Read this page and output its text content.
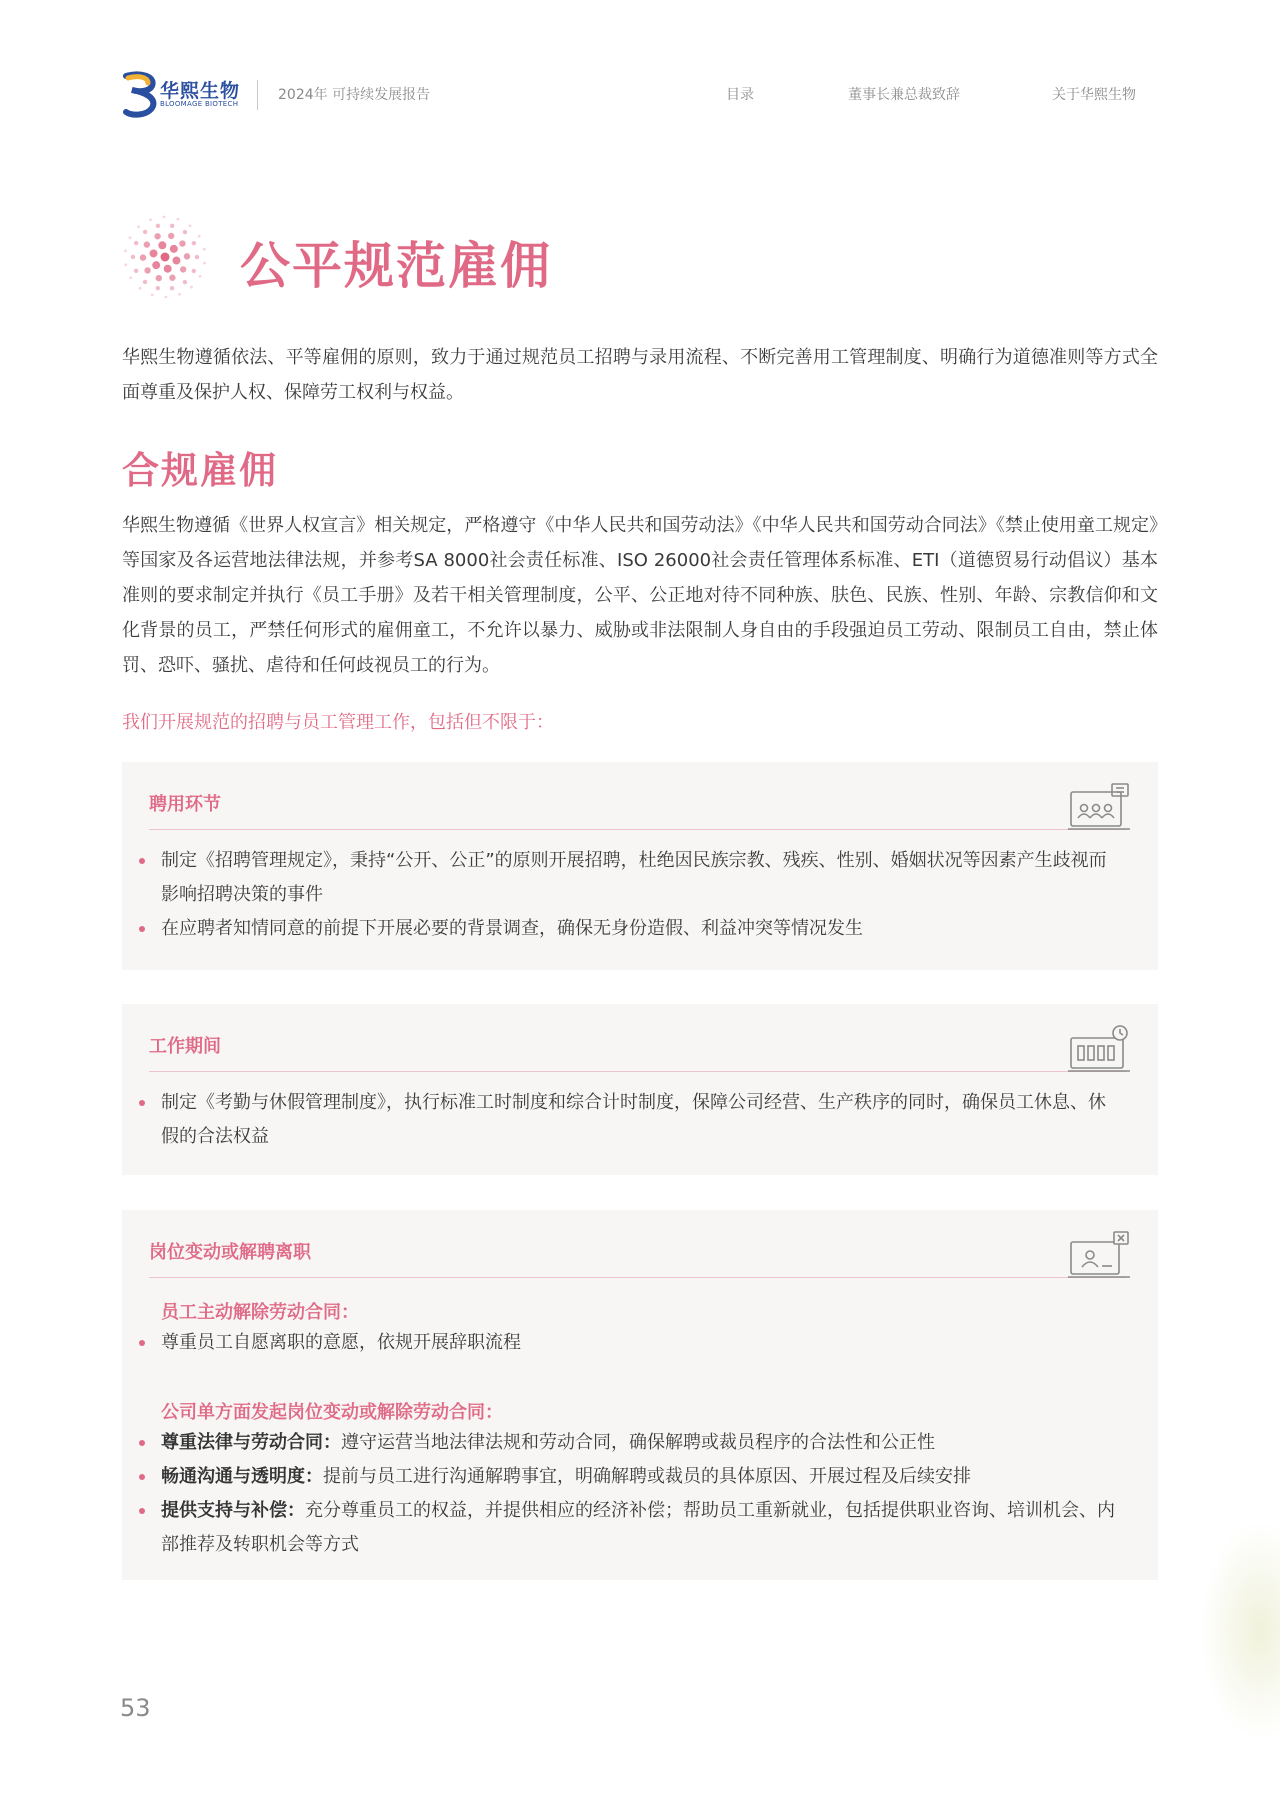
华熙生物
BLOOMAGE BIOTECH
2024年 可持续发展报告	目录	董事长兼总裁致辞	关于华熙生物
公平规范雇佣

华熙生物遵循依法、平等雇佣的原则，致力于通过规范员工招聘与录用流程、不断完善用工管理制度、明确行为道德准则等方式全面尊重及保护人权、保障劳工权利与权益。

合规雇佣

华熙生物遵循《世界人权宣言》相关规定，严格遵守《中华人民共和国劳动法》《中华人民共和国劳动合同法》《禁止使用童工规定》等国家及各运营地法律法规，并参考SA 8000社会责任标准、ISO 26000社会责任管理体系标准、ETI（道德贸易行动倡议）基本准则的要求制定并执行《员工手册》及若干相关管理制度，公平、公正地对待不同种族、肤色、民族、性别、年龄、宗教信仰和文化背景的员工，严禁任何形式的雇佣童工，不允许以暴力、威胁或非法限制人身自由的手段强迫员工劳动、限制员工自由，禁止体罚、恐吓、骚扰、虐待和任何歧视员工的行为。

我们开展规范的招聘与员工管理工作，包括但不限于：
聘用环节
制定《招聘管理规定》，秉持“公开、公正”的原则开展招聘，杜绝因民族宗教、残疾、性别、婚姻状况等因素产生歧视而影响招聘决策的事件
在应聘者知情同意的前提下开展必要的背景调查，确保无身份造假、利益冲突等情况发生
工作期间
制定《考勤与休假管理制度》，执行标准工时制度和综合计时制度，保障公司经营、生产秩序的同时，确保员工休息、休假的合法权益
岗位变动或解聘离职
员工主动解除劳动合同：
尊重员工自愿离职的意愿，依规开展辞职流程
公司单方面发起岗位变动或解除劳动合同：
尊重法律与劳动合同：遵守运营当地法律法规和劳动合同，确保解聘或裁员程序的合法性和公正性
畅通沟通与透明度：提前与员工进行沟通解聘事宜，明确解聘或裁员的具体原因、开展过程及后续安排
提供支持与补偿：充分尊重员工的权益，并提供相应的经济补偿；帮助员工重新就业，包括提供职业咨询、培训机会、内部推荐及转职机会等方式
53
